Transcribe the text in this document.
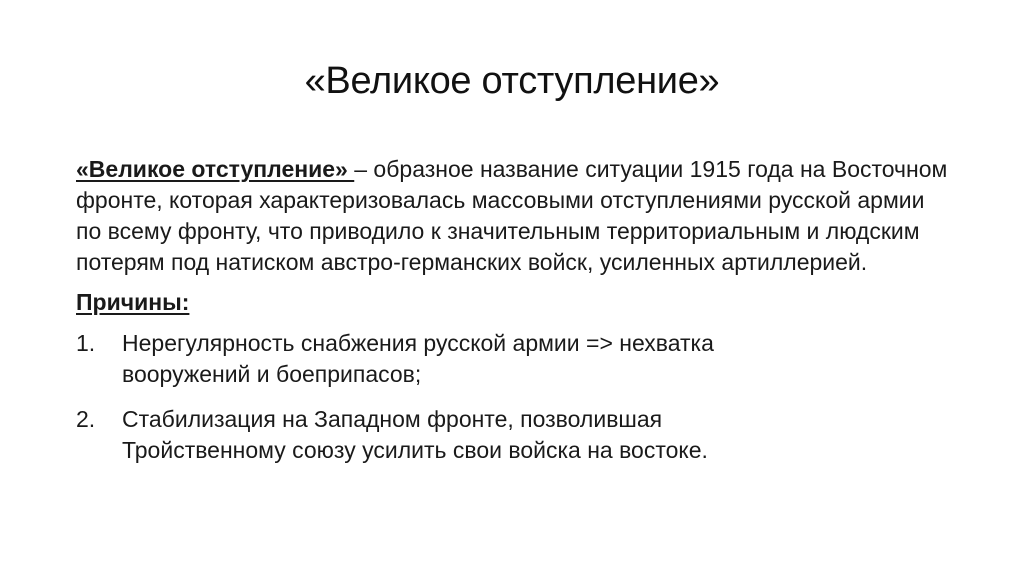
«Великое отступление»

«Великое отступление» – образное название ситуации 1915 года на Восточном фронте, которая характеризовалась массовыми отступлениями русской армии по всему фронту, что приводило к значительным территориальным и людским потерям под натиском австро-германских войск, усиленных артиллерией.

Причины:
1.	Нерегулярность снабжения русской армии => нехватка вооружений и боеприпасов;
2.	Стабилизация на Западном фронте, позволившая Тройственному союзу усилить свои войска на востоке.
